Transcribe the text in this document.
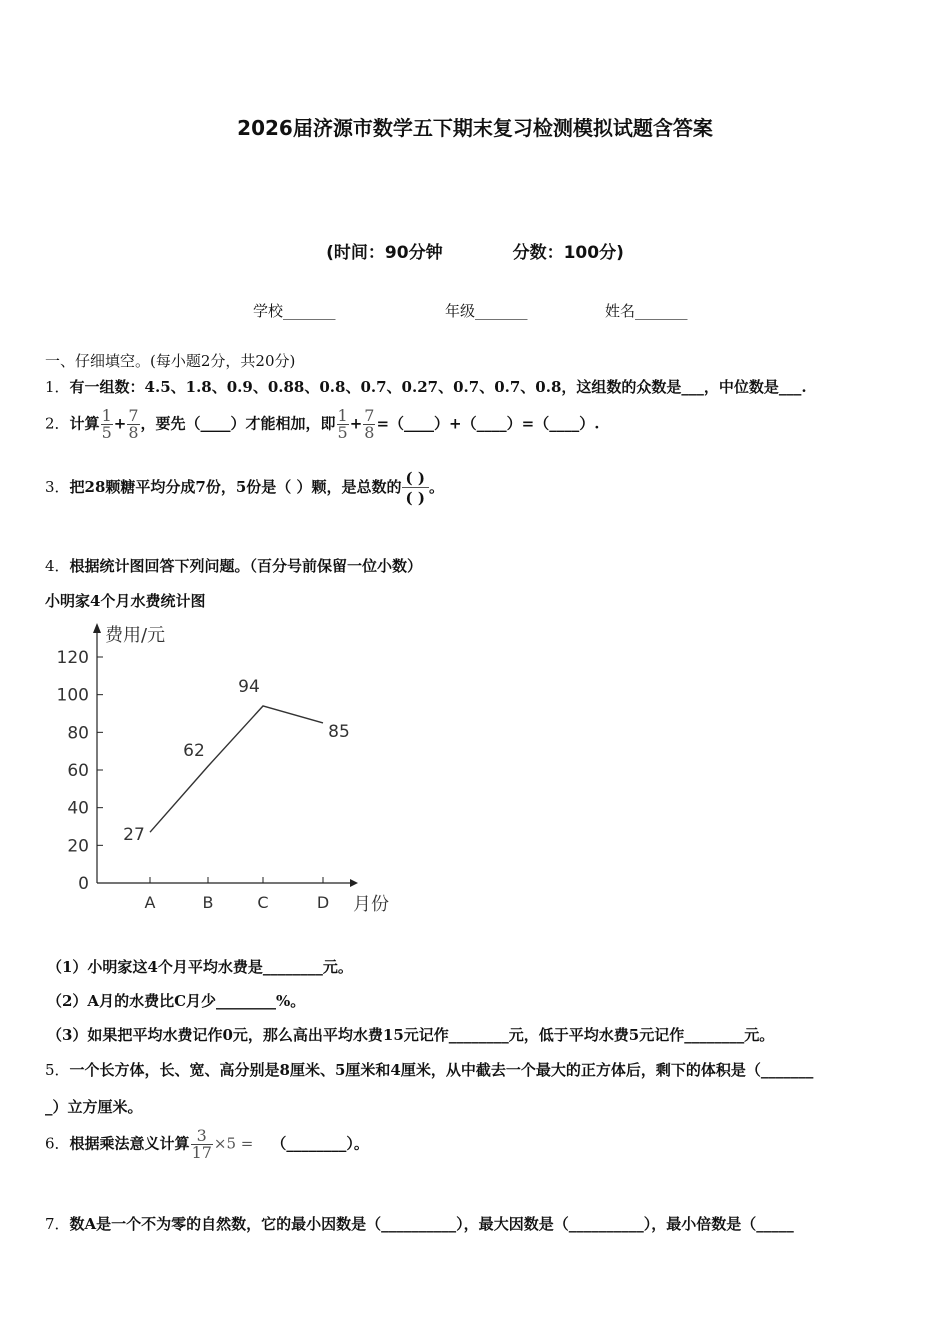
2026届济源市数学五下期末复习检测模拟试题含答案
(时间：90分钟	分数：100分)
学校_______	年级_______	姓名_______
一、仔细填空。(每小题2分，共20分)
1．有一组数：4.5、1.8、0.9、0.88、0.8、0.7、0.27、0.7、0.7、0.8，这组数的众数是___，中位数是___.
2．计算 $\frac{1}{5} + \frac{7}{8}$ ，要先（____）才能相加，即 $\frac{1}{5} + \frac{7}{8}$ =（____）+（____）=（____）.
3．把28颗糖平均分成7份，5份是（ ）颗，是总数的 ( )
( )
。
4．根据统计图回答下列问题。（百分号前保留一位小数）
小明家4个月水费统计图
0
20
40
60
80
100
120
A	B	C	D
费用/元
月份
27
62
94
85
（1）小明家这4个月平均水费是________元。
（2）A月的水费比C月少________%。
（3）如果把平均水费记作0元，那么高出平均水费15元记作________元，低于平均水费5元记作________元。
5．一个长方体，长、宽、高分别是8厘米、5厘米和4厘米，从中截去一个最大的正方体后，剩下的体积是（_______
_）立方厘米。
6．根据乘法意义计算 $\frac{3}{17} \times 5$ = （________）。
7．数A是一个不为零的自然数，它的最小因数是（__________），最大因数是（__________），最小倍数是（_____
